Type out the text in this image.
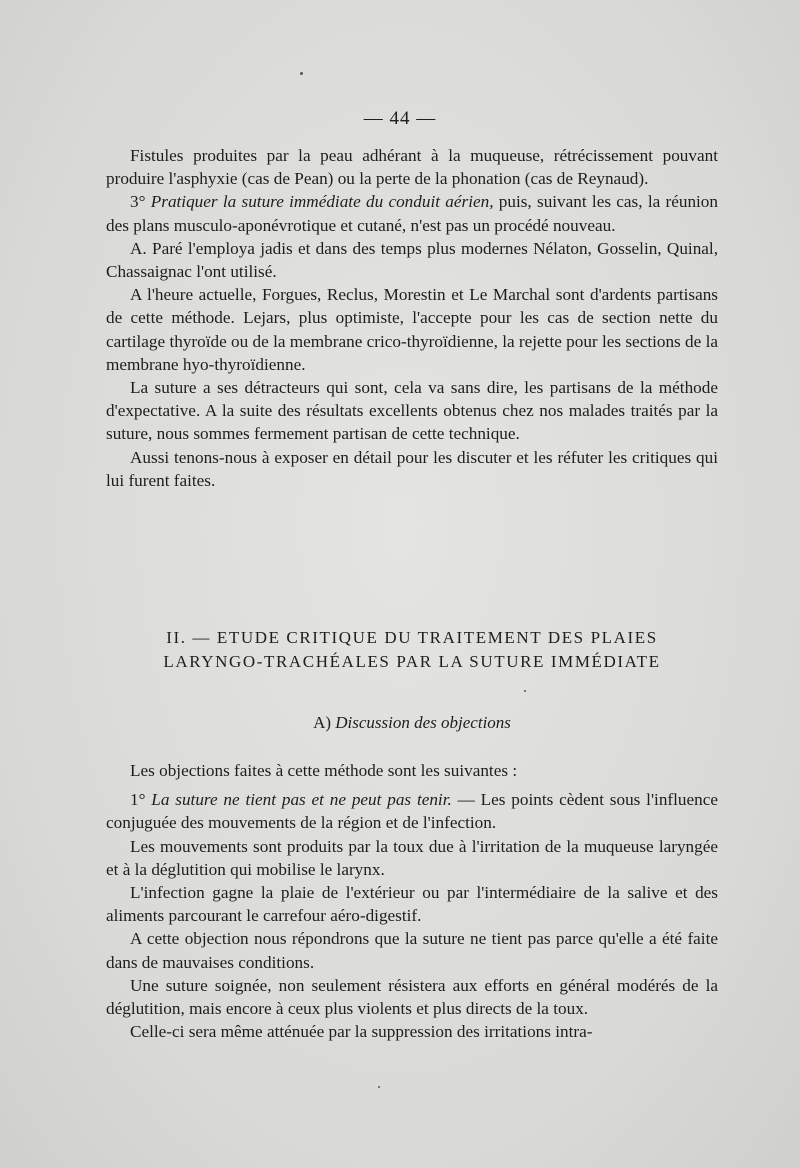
— 44 —

Fistules produites par la peau adhérant à la muqueuse, rétrécissement pouvant produire l'asphyxie (cas de Pean) ou la perte de la phonation (cas de Reynaud).

3° Pratiquer la suture immédiate du conduit aérien, puis, suivant les cas, la réunion des plans musculo-aponévrotique et cutané, n'est pas un procédé nouveau.

A. Paré l'employa jadis et dans des temps plus modernes Nélaton, Gosselin, Quinal, Chassaignac l'ont utilisé.

A l'heure actuelle, Forgues, Reclus, Morestin et Le Marchal sont d'ardents partisans de cette méthode. Lejars, plus optimiste, l'accepte pour les cas de section nette du cartilage thyroïde ou de la membrane crico-thyroïdienne, la rejette pour les sections de la membrane hyo-thyroïdienne.

La suture a ses détracteurs qui sont, cela va sans dire, les partisans de la méthode d'expectative. A la suite des résultats excellents obtenus chez nos malades traités par la suture, nous sommes fermement partisan de cette technique.

Aussi tenons-nous à exposer en détail pour les discuter et les réfuter les critiques qui lui furent faites.

II. — ETUDE CRITIQUE DU TRAITEMENT DES PLAIES
LARYNGO-TRACHÉALES PAR LA SUTURE IMMÉDIATE
A) Discussion des objections

Les objections faites à cette méthode sont les suivantes :

1° La suture ne tient pas et ne peut pas tenir. — Les points cèdent sous l'influence conjuguée des mouvements de la région et de l'infection.

Les mouvements sont produits par la toux due à l'irritation de la muqueuse laryngée et à la déglutition qui mobilise le larynx.

L'infection gagne la plaie de l'extérieur ou par l'intermédiaire de la salive et des aliments parcourant le carrefour aéro-digestif.

A cette objection nous répondrons que la suture ne tient pas parce qu'elle a été faite dans de mauvaises conditions.

Une suture soignée, non seulement résistera aux efforts en général modérés de la déglutition, mais encore à ceux plus violents et plus directs de la toux.

Celle-ci sera même atténuée par la suppression des irritations intra-
